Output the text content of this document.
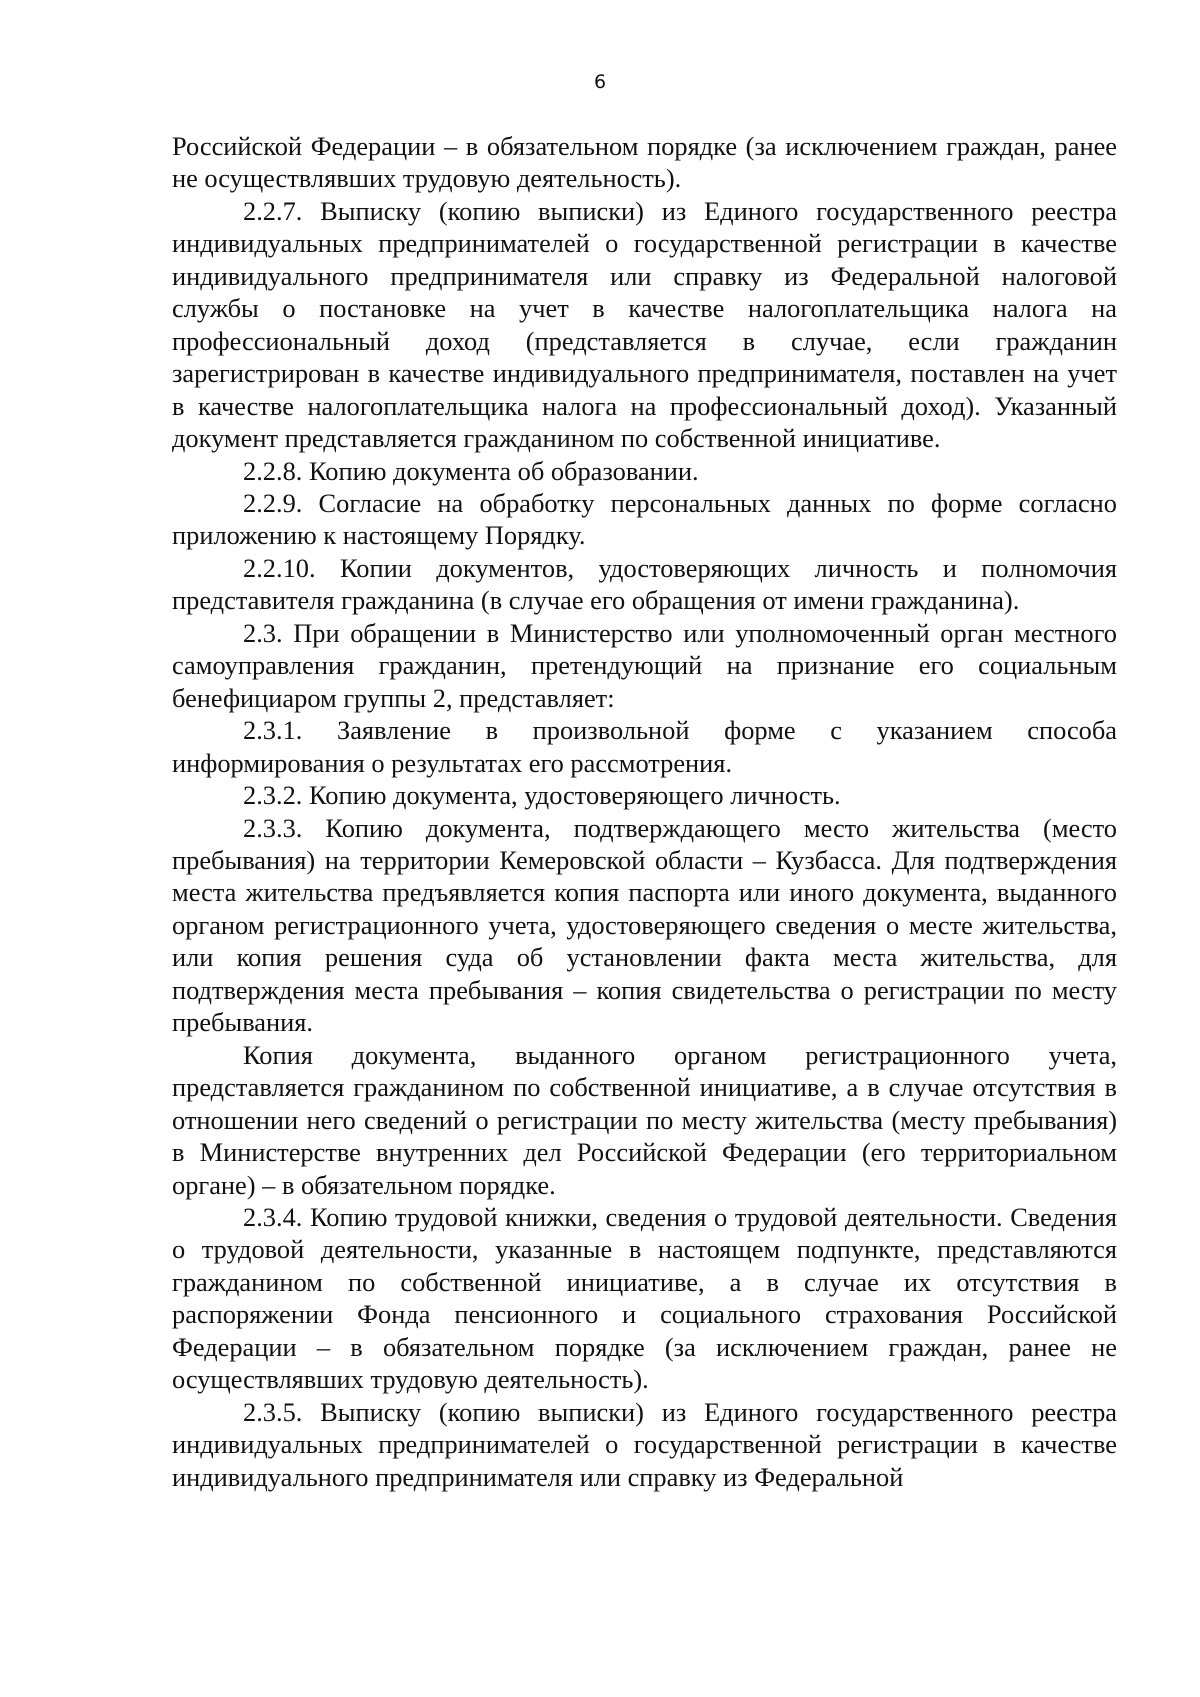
6

Российской Федерации – в обязательном порядке (за исключением граждан, ранее не осуществлявших трудовую деятельность).

2.2.7. Выписку (копию выписки) из Единого государственного реестра индивидуальных предпринимателей о государственной регистрации в качестве индивидуального предпринимателя или справку из Федеральной налоговой службы о постановке на учет в качестве налогоплательщика налога на профессиональный доход (представляется в случае, если гражданин зарегистрирован в качестве индивидуального предпринимателя, поставлен на учет в качестве налогоплательщика налога на профессиональный доход). Указанный документ представляется гражданином по собственной инициативе.

2.2.8. Копию документа об образовании.

2.2.9. Согласие на обработку персональных данных по форме согласно приложению к настоящему Порядку.

2.2.10. Копии документов, удостоверяющих личность и полномочия представителя гражданина (в случае его обращения от имени гражданина).

2.3. При обращении в Министерство или уполномоченный орган местного самоуправления гражданин, претендующий на признание его социальным бенефициаром группы 2, представляет:

2.3.1. Заявление в произвольной форме с указанием способа информирования о результатах его рассмотрения.

2.3.2. Копию документа, удостоверяющего личность.

2.3.3. Копию документа, подтверждающего место жительства (место пребывания) на территории Кемеровской области – Кузбасса. Для подтверждения места жительства предъявляется копия паспорта или иного документа, выданного органом регистрационного учета, удостоверяющего сведения о месте жительства, или копия решения суда об установлении факта места жительства, для подтверждения места пребывания – копия свидетельства о регистрации по месту пребывания.

Копия документа, выданного органом регистрационного учета, представляется гражданином по собственной инициативе, а в случае отсутствия в отношении него сведений о регистрации по месту жительства (месту пребывания) в Министерстве внутренних дел Российской Федерации (его территориальном органе) – в обязательном порядке.

2.3.4. Копию трудовой книжки, сведения о трудовой деятельности. Сведения о трудовой деятельности, указанные в настоящем подпункте, представляются гражданином по собственной инициативе, а в случае их отсутствия в распоряжении Фонда пенсионного и социального страхования Российской Федерации – в обязательном порядке (за исключением граждан, ранее не осуществлявших трудовую деятельность).

2.3.5. Выписку (копию выписки) из Единого государственного реестра индивидуальных предпринимателей о государственной регистрации в качестве индивидуального предпринимателя или справку из Федеральной
